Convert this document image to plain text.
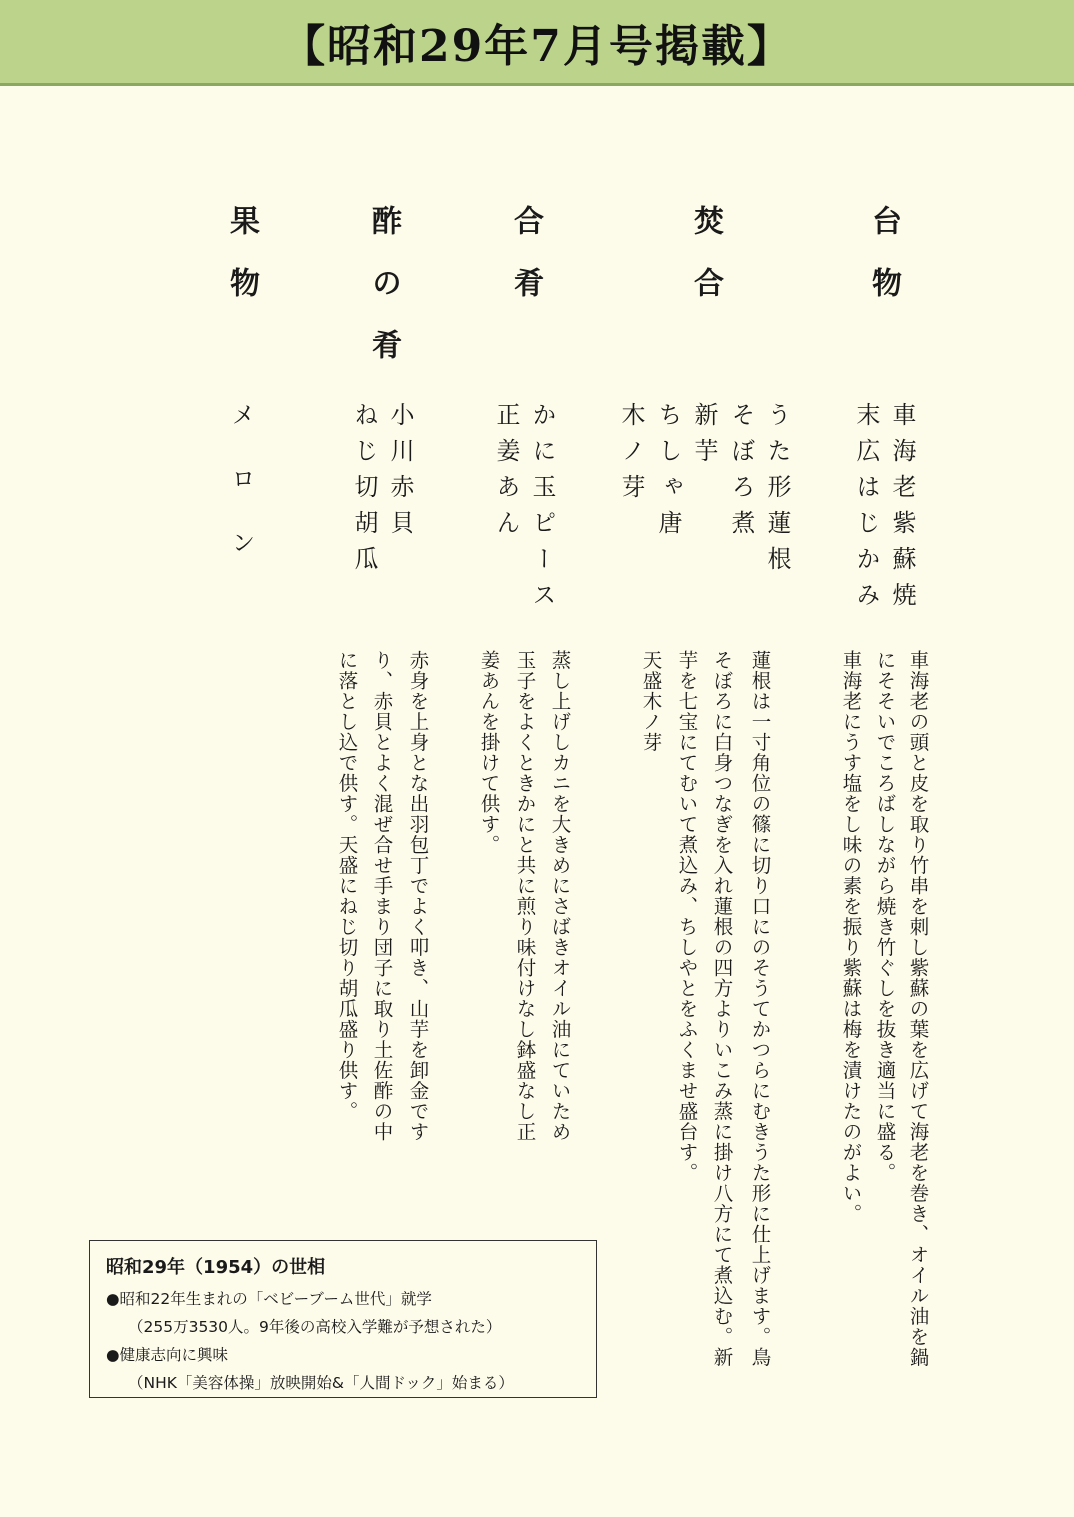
【昭和29年7月号掲載】
台物
車海老紫蘇焼
末広はじかみ
車海老の頭と皮を取り竹串を刺し紫蘇の葉を広げて海老を巻き、オイル油を鍋
にそそいでころばしながら焼き竹ぐしを抜き適当に盛る。
車海老にうす塩をし味の素を振り紫蘇は梅を漬けたのがよい。
焚合
うた形蓮根
そぼろ煮
新芋
ちしゃ唐
木ノ芽
蓮根は一寸角位の篠に切り口にのそうてかつらにむきうた形に仕上げます。鳥
そぼろに白身つなぎを入れ蓮根の四方よりいこみ蒸に掛け八方にて煮込む。新
芋を七宝にてむいて煮込み、ちしやとをふくませ盛台す。
天盛木ノ芽
合肴
かに玉ピース
正姜あん
蒸し上げしカニを大きめにさばきオイル油にていため
玉子をよくときかにと共に煎り味付けなし鉢盛なし正
姜あんを掛けて供す。
酢の肴
小川赤貝
ねじ切胡瓜
赤身を上身とな出羽包丁でよく叩き、山芋を卸金です
り、赤貝とよく混ぜ合せ手まり団子に取り土佐酢の中
に落とし込で供す。天盛にねじ切り胡瓜盛り供す。
果物
メロン
昭和29年（1954）の世相
●昭和22年生まれの「ベビーブーム世代」就学
（255万3530人。9年後の高校入学難が予想された）
●健康志向に興味
（NHK「美容体操」放映開始&「人間ドック」始まる）
